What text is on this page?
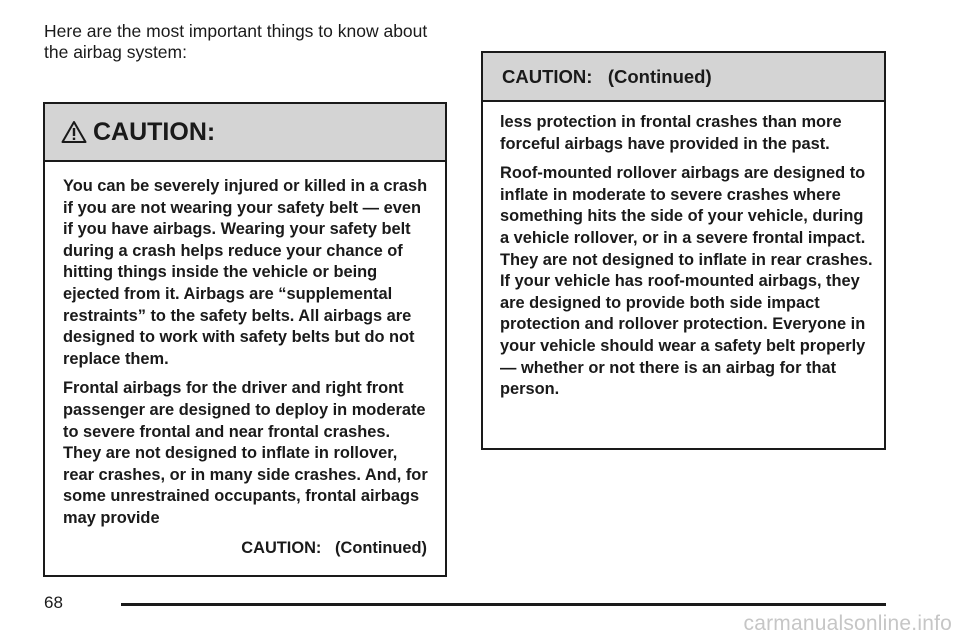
Here are the most important things to know about the airbag system:

CAUTION:

You can be severely injured or killed in a crash if you are not wearing your safety belt — even if you have airbags. Wearing your safety belt during a crash helps reduce your chance of hitting things inside the vehicle or being ejected from it. Airbags are “supplemental restraints” to the safety belts. All airbags are designed to work with safety belts but do not replace them.

Frontal airbags for the driver and right front passenger are designed to deploy in moderate to severe frontal and near frontal crashes. They are not designed to inflate in rollover, rear crashes, or in many side crashes. And, for some unrestrained occupants, frontal airbags may provide

CAUTION:   (Continued)
CAUTION:   (Continued)

less protection in frontal crashes than more forceful airbags have provided in the past.

Roof-mounted rollover airbags are designed to inflate in moderate to severe crashes where something hits the side of your vehicle, during a vehicle rollover, or in a severe frontal impact. They are not designed to inflate in rear crashes. If your vehicle has roof-mounted airbags, they are designed to provide both side impact protection and rollover protection. Everyone in your vehicle should wear a safety belt properly — whether or not there is an airbag for that person.

68
carmanualsonline.info
